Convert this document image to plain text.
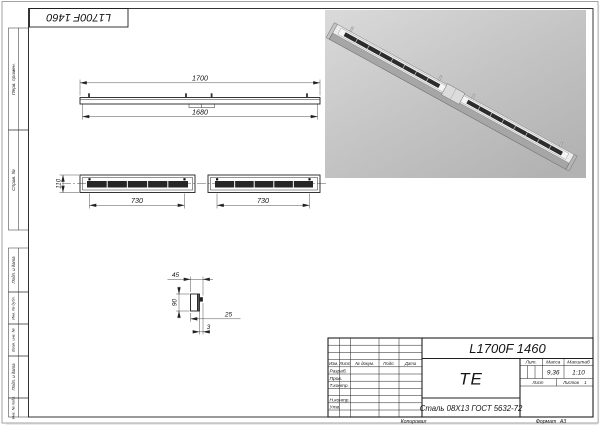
L1700F 1460
Перв. примен.
Справ. №
Подп. и дата
Инв. № дубл.
Взам. инв. №
Подп. и дата
Инв. № подл.
1700
1680
110
730	730
45
90
25
3
Изм. Лист № докум. Подп. Дата
Разраб.
Пров.
Т.контр.
Н.контр.
Утв.
L1700F 1460
ТЕ
Сталь 08Х13 ГОСТ 5632-72
Лит. Масса Масштаб
9,36 1:10
Лист	Листов 1
Копировал	Формат А3
